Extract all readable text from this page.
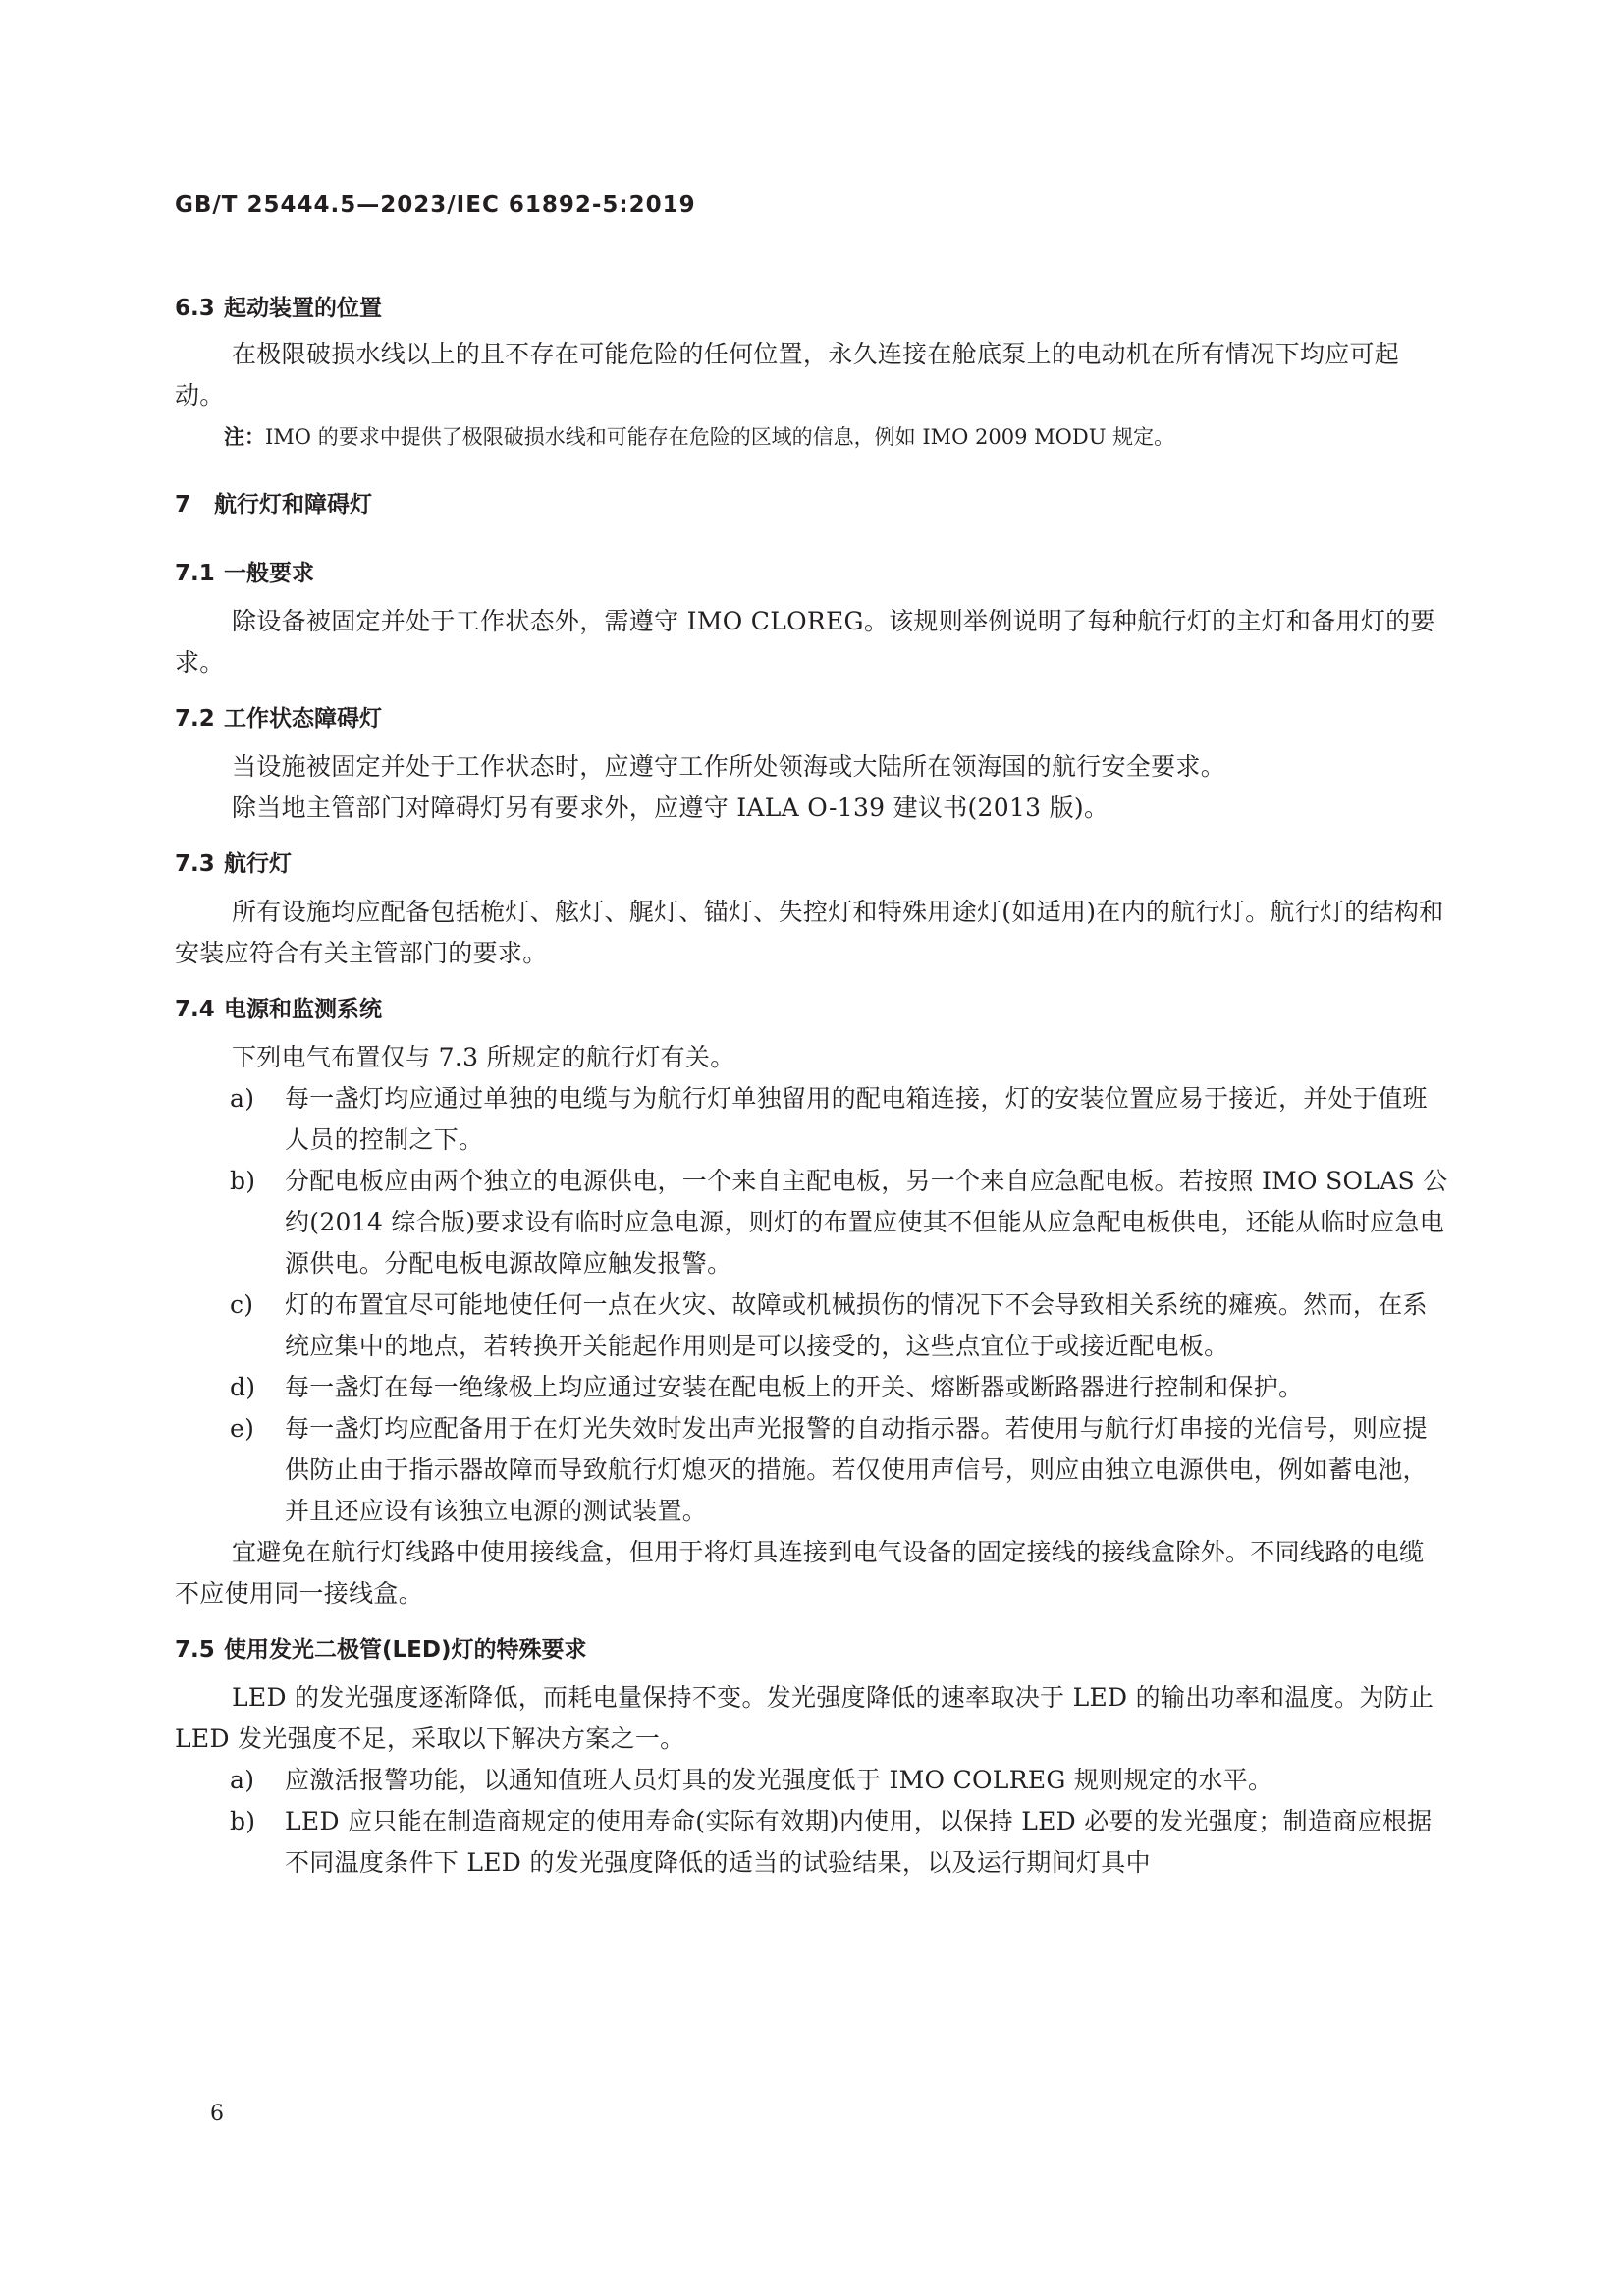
GB/T 25444.5—2023/IEC 61892-5:2019

6.3 起动装置的位置

在极限破损水线以上的且不存在可能危险的任何位置，永久连接在舱底泵上的电动机在所有情况下均应可起动。

注：IMO 的要求中提供了极限破损水线和可能存在危险的区域的信息，例如 IMO 2009 MODU 规定。

7 航行灯和障碍灯

7.1 一般要求

除设备被固定并处于工作状态外，需遵守 IMO CLOREG。该规则举例说明了每种航行灯的主灯和备用灯的要求。

7.2 工作状态障碍灯

当设施被固定并处于工作状态时，应遵守工作所处领海或大陆所在领海国的航行安全要求。

除当地主管部门对障碍灯另有要求外，应遵守 IALA O-139 建议书(2013 版)。

7.3 航行灯

所有设施均应配备包括桅灯、舷灯、艉灯、锚灯、失控灯和特殊用途灯(如适用)在内的航行灯。航行灯的结构和安装应符合有关主管部门的要求。

7.4 电源和监测系统

下列电气布置仅与 7.3 所规定的航行灯有关。

a)	每一盏灯均应通过单独的电缆与为航行灯单独留用的配电箱连接，灯的安装位置应易于接近，并处于值班人员的控制之下。
b)	分配电板应由两个独立的电源供电，一个来自主配电板，另一个来自应急配电板。若按照 IMO SOLAS 公约(2014 综合版)要求设有临时应急电源，则灯的布置应使其不但能从应急配电板供电，还能从临时应急电源供电。分配电板电源故障应触发报警。
c)	灯的布置宜尽可能地使任何一点在火灾、故障或机械损伤的情况下不会导致相关系统的瘫痪。然而，在系统应集中的地点，若转换开关能起作用则是可以接受的，这些点宜位于或接近配电板。
d)	每一盏灯在每一绝缘极上均应通过安装在配电板上的开关、熔断器或断路器进行控制和保护。
e)	每一盏灯均应配备用于在灯光失效时发出声光报警的自动指示器。若使用与航行灯串接的光信号，则应提供防止由于指示器故障而导致航行灯熄灭的措施。若仅使用声信号，则应由独立电源供电，例如蓄电池，并且还应设有该独立电源的测试装置。

宜避免在航行灯线路中使用接线盒，但用于将灯具连接到电气设备的固定接线的接线盒除外。不同线路的电缆不应使用同一接线盒。

7.5 使用发光二极管(LED)灯的特殊要求

LED 的发光强度逐渐降低，而耗电量保持不变。发光强度降低的速率取决于 LED 的输出功率和温度。为防止 LED 发光强度不足，采取以下解决方案之一。

a)	应激活报警功能，以通知值班人员灯具的发光强度低于 IMO COLREG 规则规定的水平。
b)	LED 应只能在制造商规定的使用寿命(实际有效期)内使用，以保持 LED 必要的发光强度；制造商应根据不同温度条件下 LED 的发光强度降低的适当的试验结果，以及运行期间灯具中
6
